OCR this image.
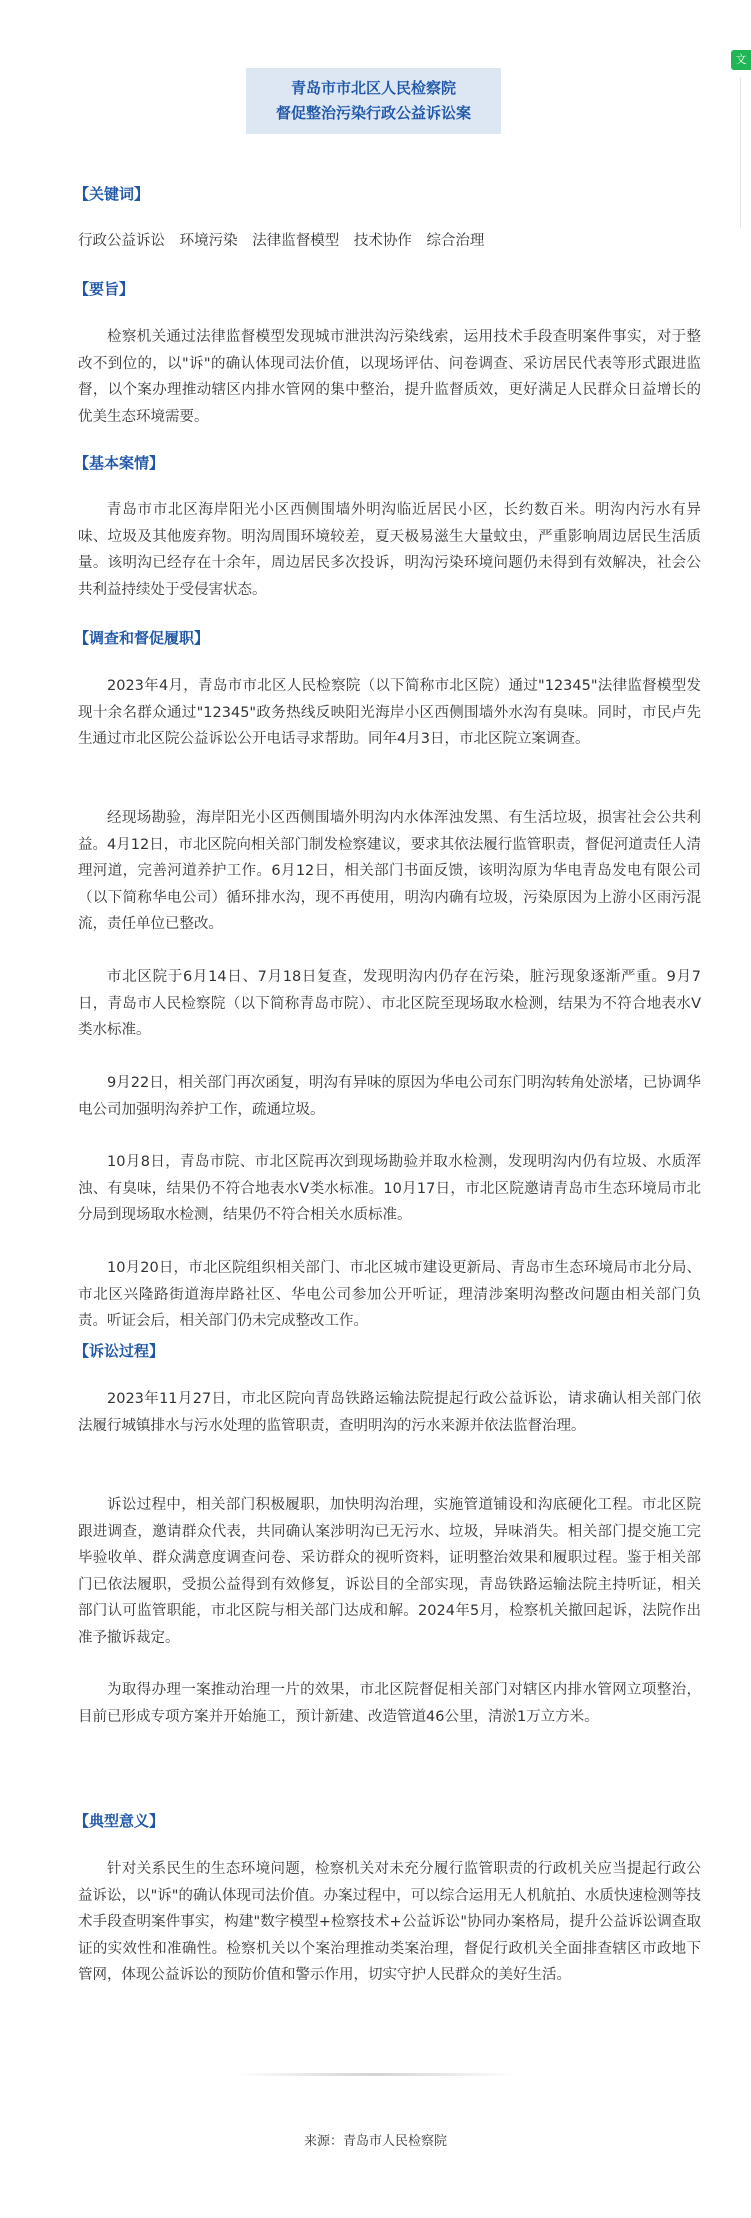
文
青岛市市北区人民检察院
督促整治污染行政公益诉讼案
【关键词】

行政公益诉讼 环境污染 法律监督模型 技术协作 综合治理

【要旨】

检察机关通过法律监督模型发现城市泄洪沟污染线索，运用技术手段查明案件事实，对于整改不到位的，以"诉"的确认体现司法价值，以现场评估、问卷调查、采访居民代表等形式跟进监督，以个案办理推动辖区内排水管网的集中整治，提升监督质效，更好满足人民群众日益增长的优美生态环境需要。

【基本案情】

青岛市市北区海岸阳光小区西侧围墙外明沟临近居民小区，长约数百米。明沟内污水有异味、垃圾及其他废弃物。明沟周围环境较差，夏天极易滋生大量蚊虫，严重影响周边居民生活质量。该明沟已经存在十余年，周边居民多次投诉，明沟污染环境问题仍未得到有效解决，社会公共利益持续处于受侵害状态。

【调查和督促履职】

2023年4月，青岛市市北区人民检察院（以下简称市北区院）通过"12345"法律监督模型发现十余名群众通过"12345"政务热线反映阳光海岸小区西侧围墙外水沟有臭味。同时，市民卢先生通过市北区院公益诉讼公开电话寻求帮助。同年4月3日，市北区院立案调查。

经现场勘验，海岸阳光小区西侧围墙外明沟内水体浑浊发黑、有生活垃圾，损害社会公共利益。4月12日，市北区院向相关部门制发检察建议，要求其依法履行监管职责，督促河道责任人清理河道，完善河道养护工作。6月12日，相关部门书面反馈，该明沟原为华电青岛发电有限公司（以下简称华电公司）循环排水沟，现不再使用，明沟内确有垃圾，污染原因为上游小区雨污混流，责任单位已整改。

市北区院于6月14日、7月18日复查，发现明沟内仍存在污染，脏污现象逐渐严重。9月7日，青岛市人民检察院（以下简称青岛市院）、市北区院至现场取水检测，结果为不符合地表水V类水标准。

9月22日，相关部门再次函复，明沟有异味的原因为华电公司东门明沟转角处淤堵，已协调华电公司加强明沟养护工作，疏通垃圾。

10月8日，青岛市院、市北区院再次到现场勘验并取水检测，发现明沟内仍有垃圾、水质浑浊、有臭味，结果仍不符合地表水V类水标准。10月17日，市北区院邀请青岛市生态环境局市北分局到现场取水检测，结果仍不符合相关水质标准。

10月20日，市北区院组织相关部门、市北区城市建设更新局、青岛市生态环境局市北分局、市北区兴隆路街道海岸路社区、华电公司参加公开听证，理清涉案明沟整改问题由相关部门负责。听证会后，相关部门仍未完成整改工作。

【诉讼过程】

2023年11月27日，市北区院向青岛铁路运输法院提起行政公益诉讼，请求确认相关部门依法履行城镇排水与污水处理的监管职责，查明明沟的污水来源并依法监督治理。

诉讼过程中，相关部门积极履职，加快明沟治理，实施管道铺设和沟底硬化工程。市北区院跟进调查，邀请群众代表，共同确认案涉明沟已无污水、垃圾，异味消失。相关部门提交施工完毕验收单、群众满意度调查问卷、采访群众的视听资料，证明整治效果和履职过程。鉴于相关部门已依法履职，受损公益得到有效修复，诉讼目的全部实现，青岛铁路运输法院主持听证，相关部门认可监管职能，市北区院与相关部门达成和解。2024年5月，检察机关撤回起诉，法院作出准予撤诉裁定。

为取得办理一案推动治理一片的效果，市北区院督促相关部门对辖区内排水管网立项整治，目前已形成专项方案并开始施工，预计新建、改造管道46公里，清淤1万立方米。

【典型意义】

针对关系民生的生态环境问题，检察机关对未充分履行监管职责的行政机关应当提起行政公益诉讼，以"诉"的确认体现司法价值。办案过程中，可以综合运用无人机航拍、水质快速检测等技术手段查明案件事实，构建"数字模型+检察技术+公益诉讼"协同办案格局，提升公益诉讼调查取证的实效性和准确性。检察机关以个案治理推动类案治理，督促行政机关全面排查辖区市政地下管网，体现公益诉讼的预防价值和警示作用，切实守护人民群众的美好生活。

来源：青岛市人民检察院
